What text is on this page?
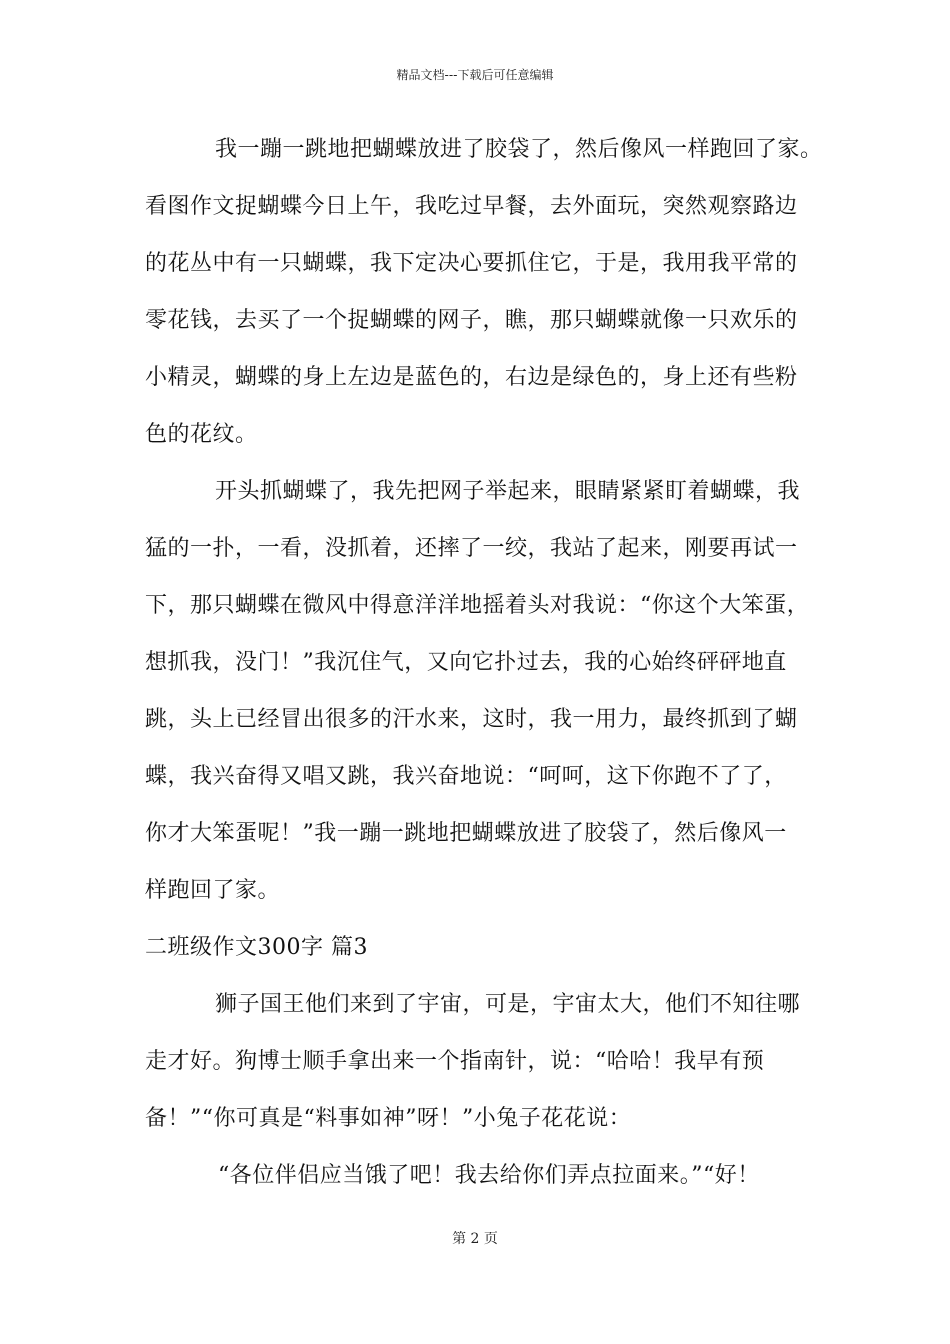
精品文档---下载后可任意编辑
我一蹦一跳地把蝴蝶放进了胶袋了，然后像风一样跑回了家。
看图作文捉蝴蝶今日上午，我吃过早餐，去外面玩，突然观察路边
的花丛中有一只蝴蝶，我下定决心要抓住它，于是，我用我平常的
零花钱，去买了一个捉蝴蝶的网子，瞧，那只蝴蝶就像一只欢乐的
小精灵，蝴蝶的身上左边是蓝色的，右边是绿色的，身上还有些粉
色的花纹。
开头抓蝴蝶了，我先把网子举起来，眼睛紧紧盯着蝴蝶，我
猛的一扑，一看，没抓着，还摔了一绞，我站了起来，刚要再试一
下，那只蝴蝶在微风中得意洋洋地摇着头对我说：“你这个大笨蛋，
想抓我，没门！”我沉住气，又向它扑过去，我的心始终砰砰地直
跳，头上已经冒出很多的汗水来，这时，我一用力，最终抓到了蝴
蝶，我兴奋得又唱又跳，我兴奋地说：“呵呵，这下你跑不了了，
你才大笨蛋呢！”我一蹦一跳地把蝴蝶放进了胶袋了，然后像风一
样跑回了家。
二班级作文300字 篇3
狮子国王他们来到了宇宙，可是，宇宙太大，他们不知往哪
走才好。狗博士顺手拿出来一个指南针，说：“哈哈！我早有预
备！”“你可真是“料事如神”呀！”小兔子花花说：
“各位伴侣应当饿了吧！我去给你们弄点拉面来。”“好！
第 2 页
